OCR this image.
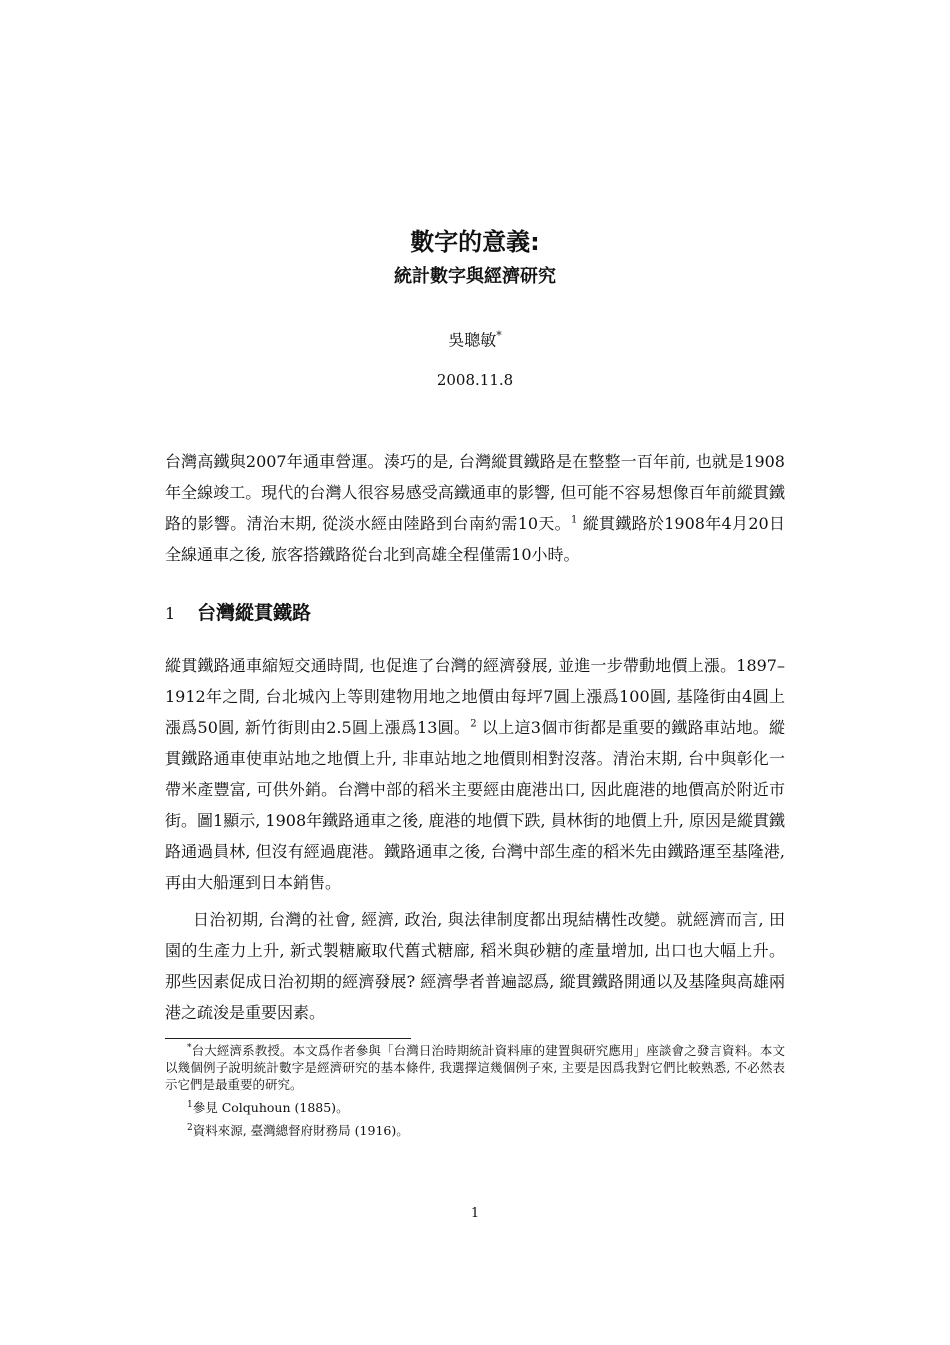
數字的意義:
統計數字與經濟研究
吳聰敏*
2008.11.8

台灣高鐵與2007年通車營運。湊巧的是, 台灣縱貫鐵路是在整整一百年前, 也就是1908年全線竣工。現代的台灣人很容易感受高鐵通車的影響, 但可能不容易想像百年前縱貫鐵路的影響。清治末期, 從淡水經由陸路到台南約需10天。$^1$ 縱貫鐵路於1908年4月20日全線通車之後, 旅客搭鐵路從台北到高雄全程僅需10小時。

1 台灣縱貫鐵路

縱貫鐵路通車縮短交通時間, 也促進了台灣的經濟發展, 並進一步帶動地價上漲。1897–1912年之間, 台北城內上等則建物用地之地價由每坪7圓上漲爲100圓, 基隆街由4圓上漲爲50圓, 新竹街則由2.5圓上漲爲13圓。$^2$ 以上這3個市街都是重要的鐵路車站地。縱貫鐵路通車使車站地之地價上升, 非車站地之地價則相對沒落。清治末期, 台中與彰化一帶米產豐富, 可供外銷。台灣中部的稻米主要經由鹿港出口, 因此鹿港的地價高於附近市街。圖1顯示, 1908年鐵路通車之後, 鹿港的地價下跌, 員林街的地價上升, 原因是縱貫鐵路通過員林, 但沒有經過鹿港。鐵路通車之後, 台灣中部生產的稻米先由鐵路運至基隆港, 再由大船運到日本銷售。

日治初期, 台灣的社會, 經濟, 政治, 與法律制度都出現結構性改變。就經濟而言, 田園的生產力上升, 新式製糖廠取代舊式糖廍, 稻米與砂糖的產量增加, 出口也大幅上升。那些因素促成日治初期的經濟發展? 經濟學者普遍認爲, 縱貫鐵路開通以及基隆與高雄兩港之疏浚是重要因素。

*台大經濟系教授。本文爲作者參與「台灣日治時期統計資料庫的建置與研究應用」座談會之發言資料。本文以幾個例子說明統計數字是經濟研究的基本條件, 我選擇這幾個例子來, 主要是因爲我對它們比較熟悉, 不必然表示它們是最重要的研究。

$^1$參見 Colquhoun (1885)。

$^2$資料來源, 臺灣總督府財務局 (1916)。

1
